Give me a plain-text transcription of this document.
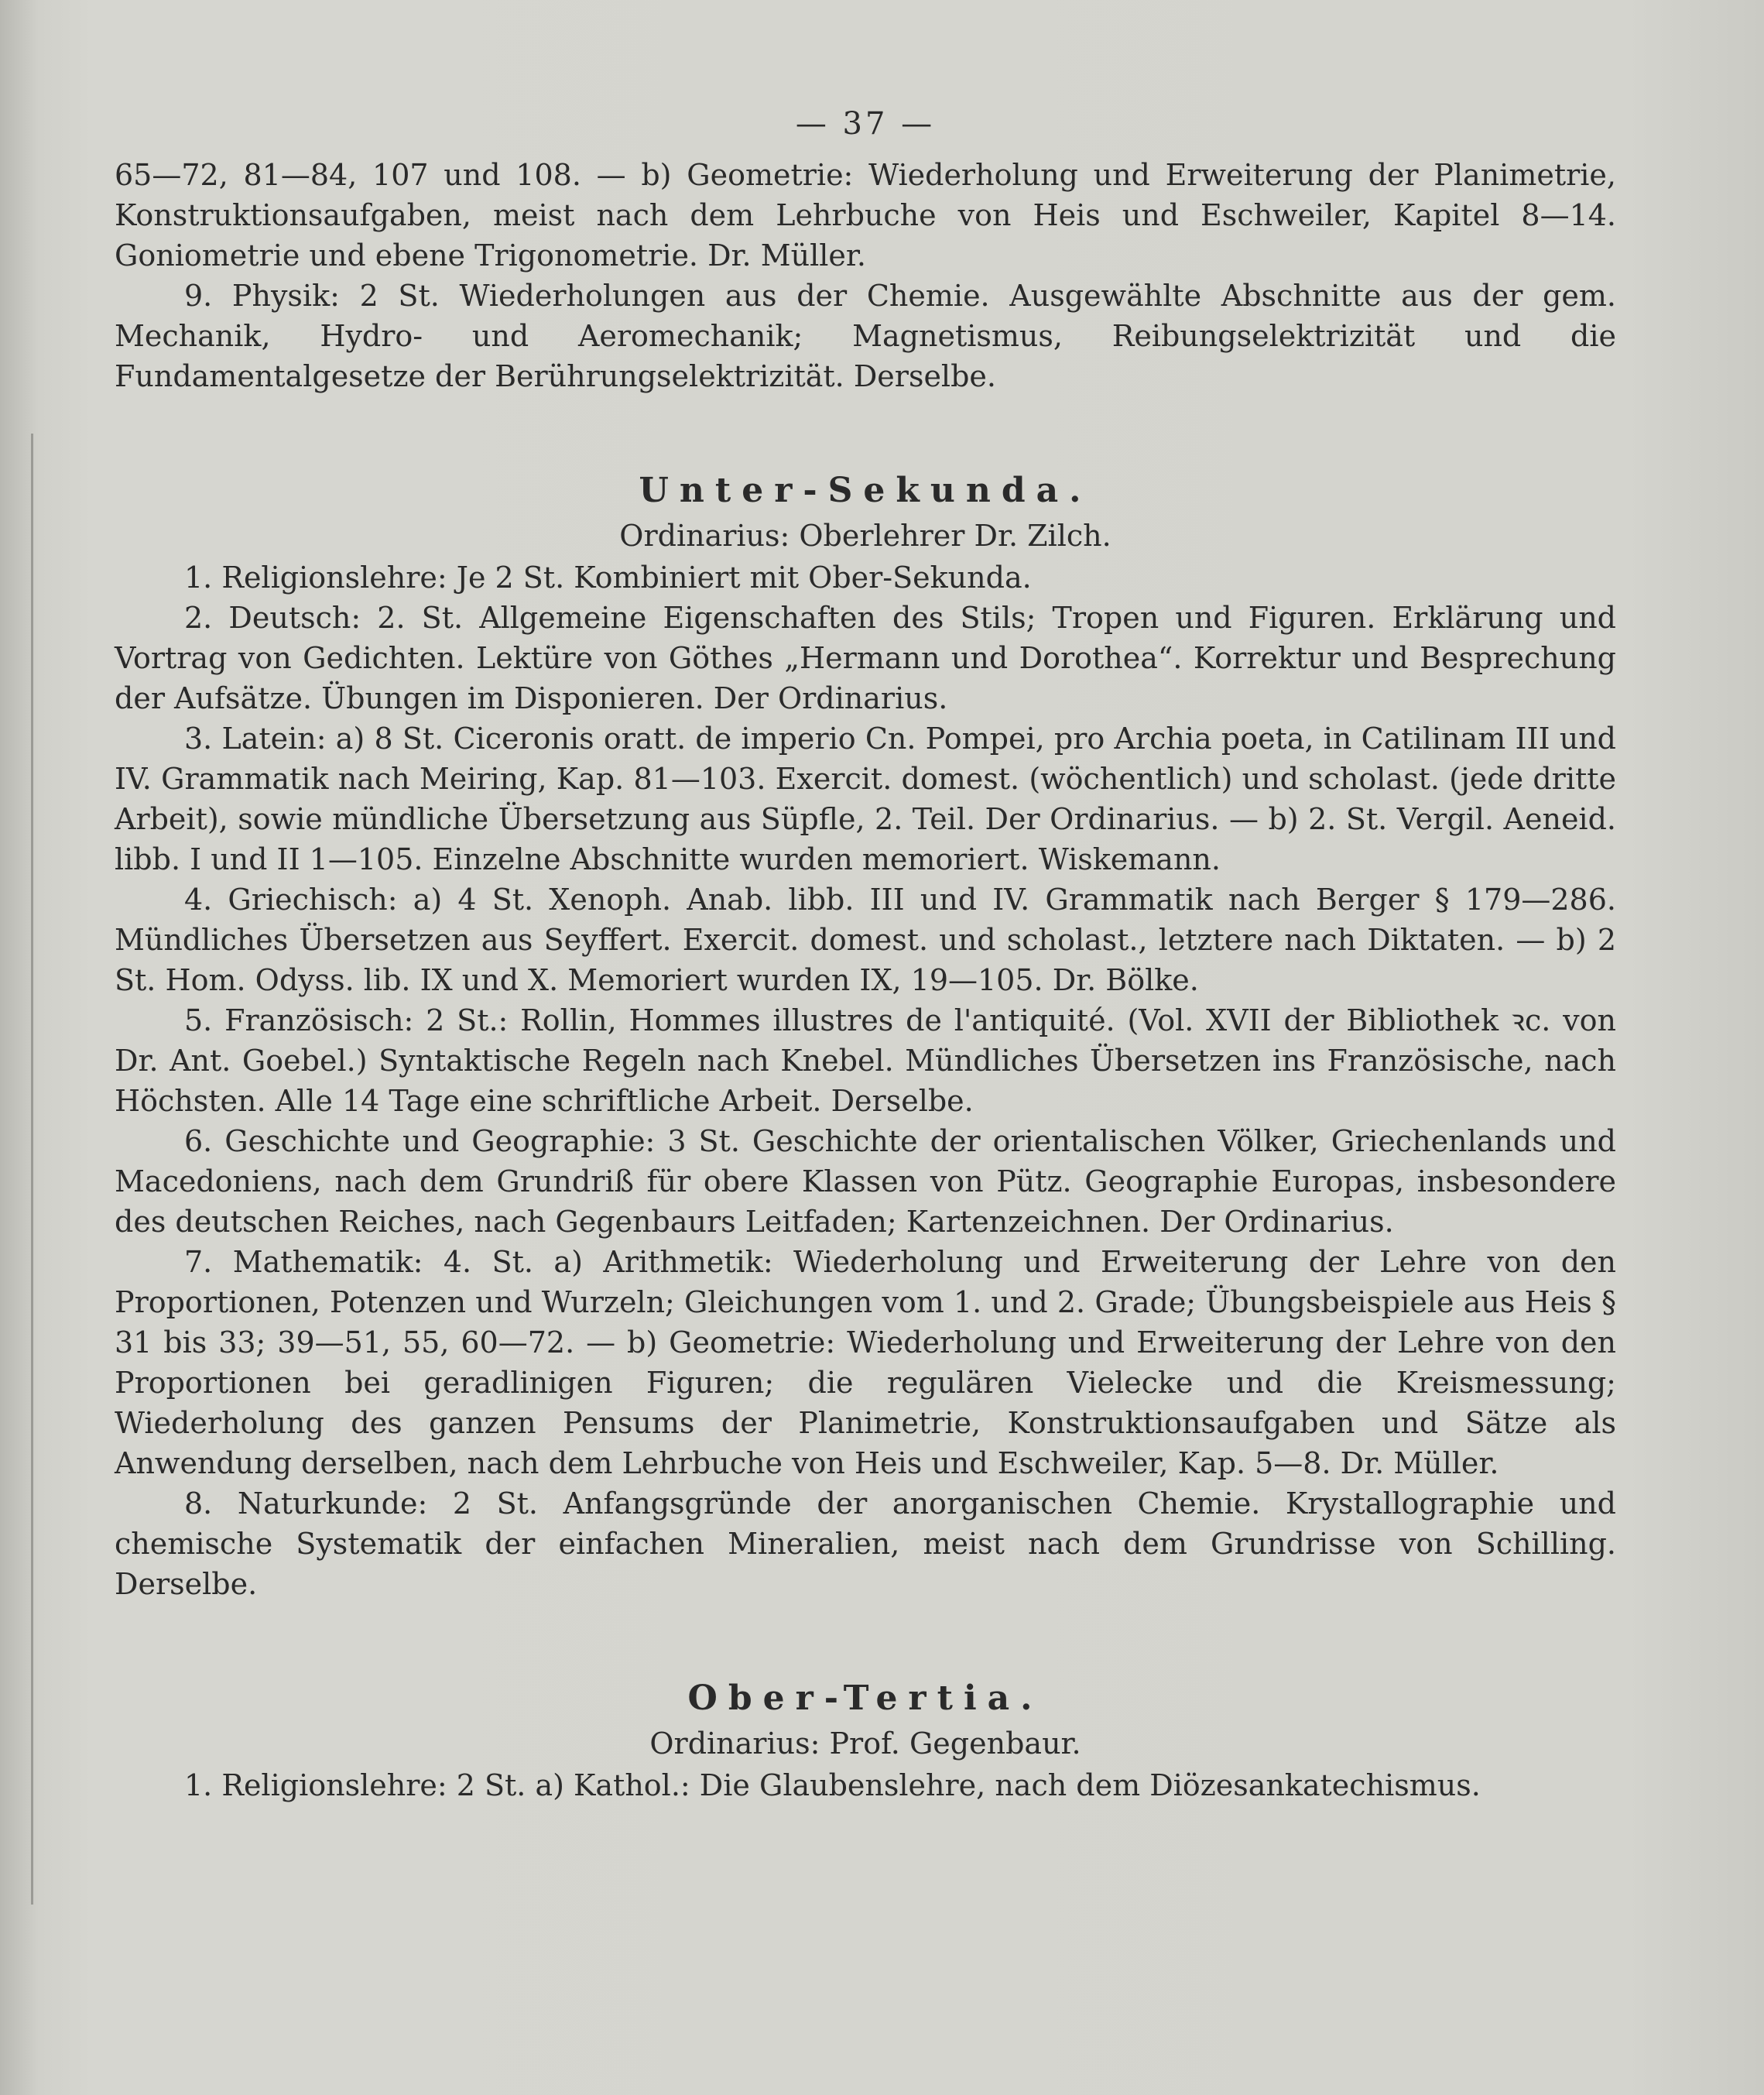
— 37 —

65—72, 81—84, 107 und 108. — b) Geometrie: Wiederholung und Erweiterung der Planimetrie, Konstruktionsaufgaben, meist nach dem Lehrbuche von Heis und Eschweiler, Kapitel 8—14. Goniometrie und ebene Trigonometrie. Dr. Müller.

9. Physik: 2 St. Wiederholungen aus der Chemie. Ausgewählte Abschnitte aus der gem. Mechanik, Hydro- und Aeromechanik; Magnetismus, Reibungselektrizität und die Fundamentalgesetze der Berührungselektrizität. Derselbe.

Unter-Sekunda.
Ordinarius: Oberlehrer Dr. Zilch.

1. Religionslehre: Je 2 St. Kombiniert mit Ober-Sekunda.

2. Deutsch: 2. St. Allgemeine Eigenschaften des Stils; Tropen und Figuren. Erklärung und Vortrag von Gedichten. Lektüre von Göthes „Hermann und Dorothea“. Korrektur und Besprechung der Aufsätze. Übungen im Disponieren. Der Ordinarius.

3. Latein: a) 8 St. Ciceronis oratt. de imperio Cn. Pompei, pro Archia poeta, in Catilinam III und IV. Grammatik nach Meiring, Kap. 81—103. Exercit. domest. (wöchentlich) und scholast. (jede dritte Arbeit), sowie mündliche Übersetzung aus Süpfle, 2. Teil. Der Ordinarius. — b) 2. St. Vergil. Aeneid. libb. I und II 1—105. Einzelne Abschnitte wurden memoriert. Wiskemann.

4. Griechisch: a) 4 St. Xenoph. Anab. libb. III und IV. Grammatik nach Berger § 179—286. Mündliches Übersetzen aus Seyffert. Exercit. domest. und scholast., letztere nach Diktaten. — b) 2 St. Hom. Odyss. lib. IX und X. Memoriert wurden IX, 19—105. Dr. Bölke.

5. Französisch: 2 St.: Rollin, Hommes illustres de l'antiquité. (Vol. XVII der Bibliothek ꝛc. von Dr. Ant. Goebel.) Syntaktische Regeln nach Knebel. Mündliches Übersetzen ins Französische, nach Höchsten. Alle 14 Tage eine schriftliche Arbeit. Derselbe.

6. Geschichte und Geographie: 3 St. Geschichte der orientalischen Völker, Griechenlands und Macedoniens, nach dem Grundriß für obere Klassen von Pütz. Geographie Europas, insbesondere des deutschen Reiches, nach Gegenbaurs Leitfaden; Kartenzeichnen. Der Ordinarius.

7. Mathematik: 4. St. a) Arithmetik: Wiederholung und Erweiterung der Lehre von den Proportionen, Potenzen und Wurzeln; Gleichungen vom 1. und 2. Grade; Übungsbeispiele aus Heis § 31 bis 33; 39—51, 55, 60—72. — b) Geometrie: Wiederholung und Erweiterung der Lehre von den Proportionen bei geradlinigen Figuren; die regulären Vielecke und die Kreismessung; Wiederholung des ganzen Pensums der Planimetrie, Konstruktionsaufgaben und Sätze als Anwendung derselben, nach dem Lehrbuche von Heis und Eschweiler, Kap. 5—8. Dr. Müller.

8. Naturkunde: 2 St. Anfangsgründe der anorganischen Chemie. Krystallographie und chemische Systematik der einfachen Mineralien, meist nach dem Grundrisse von Schilling. Derselbe.

Ober-Tertia.
Ordinarius: Prof. Gegenbaur.

1. Religionslehre: 2 St. a) Kathol.: Die Glaubenslehre, nach dem Diözesankatechismus.
